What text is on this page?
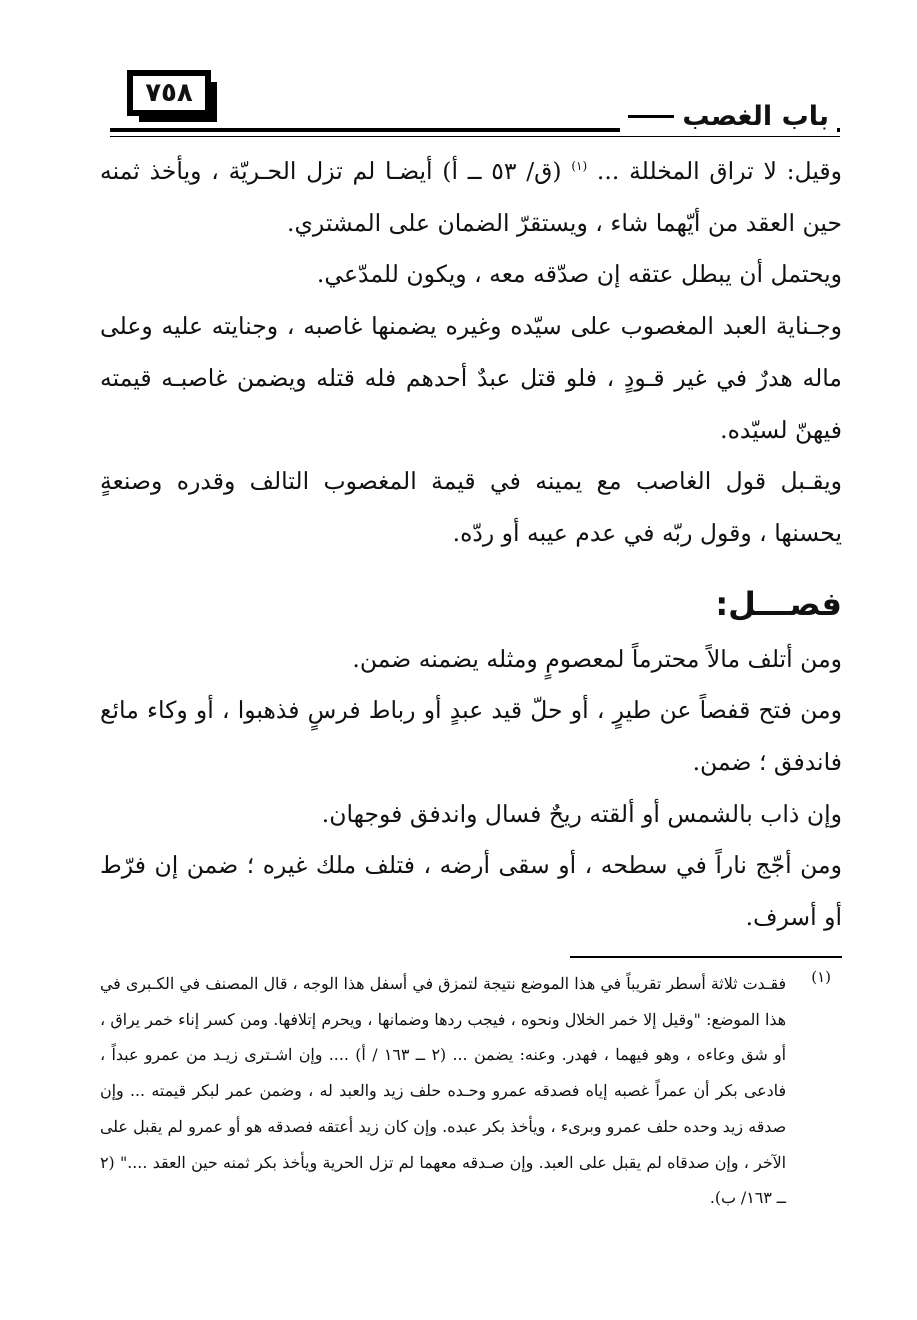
٧٥٨
باب الغصب

وقيل: لا تراق المخللة ... $^{(١)}$ (ق/ ٥٣ ــ أ) أيضـا لم تزل الحـريّة ، ويأخذ ثمنه حين العقد من أيّهما شاء ، ويستقرّ الضمان على المشتري.

ويحتمل أن يبطل عتقه إن صدّقه معه ، ويكون للمدّعي.

وجـناية العبد المغصوب على سيّده وغيره يضمنها غاصبه ، وجنايته عليه وعلى ماله هدرٌ في غير قـودٍ ، فلو قتل عبدٌ أحدهم فله قتله ويضمن غاصبـه قيمته فيهنّ لسيّده.

ويقـبل قول الغاصب مع يمينه في قيمة المغصوب التالف وقدره وصنعةٍ يحسنها ، وقول ربّه في عدم عيبه أو ردّه.

فصـــل:

ومن أتلف مالاً محترماً لمعصومٍ ومثله يضمنه ضمن.

ومن فتح قفصاً عن طيرٍ ، أو حلّ قيد عبدٍ أو رباط فرسٍ فذهبوا ، أو وكاء مائع فاندفق ؛ ضمن.

وإن ذاب بالشمس أو ألقته ريحٌ فسال واندفق فوجهان.

ومن أجّج ناراً في سطحه ، أو سقى أرضه ، فتلف ملك غيره ؛ ضمن إن فرّط أو أسرف.

(١)
فقـدت ثلاثة أسطر تقريباً في هذا الموضع نتيجة لتمزق في أسفل هذا الوجه ، قال المصنف في الكـبرى في هذا الموضع: "وقيل إلا خمر الخلال ونحوه ، فيجب ردها وضمانها ، ويحرم إتلافها. ومن كسر إناء خمر يراق ، أو شق وعاءه ، وهو فيهما ، فهدر. وعنه: يضمن ... (٢ ــ ١٦٣ / أ) .... وإن اشـترى زيـد من عمرو عبداً ، فادعى بكر أن عمراً غصبه إياه فصدقه عمرو وحـده حلف زيد والعبد له ، وضمن عمر لبكر قيمته ... وإن صدقه زيد وحده حلف عمرو وبرىء ، ويأخذ بكر عبده. وإن كان زيد أعتقه فصدقه هو أو عمرو لم يقبل على الآخر ، وإن صدقاه لم يقبل على العبد. وإن صـدقه معهما لم تزل الحرية ويأخذ بكر ثمنه حين العقد ...." (٢ ــ ١٦٣/ ب).
